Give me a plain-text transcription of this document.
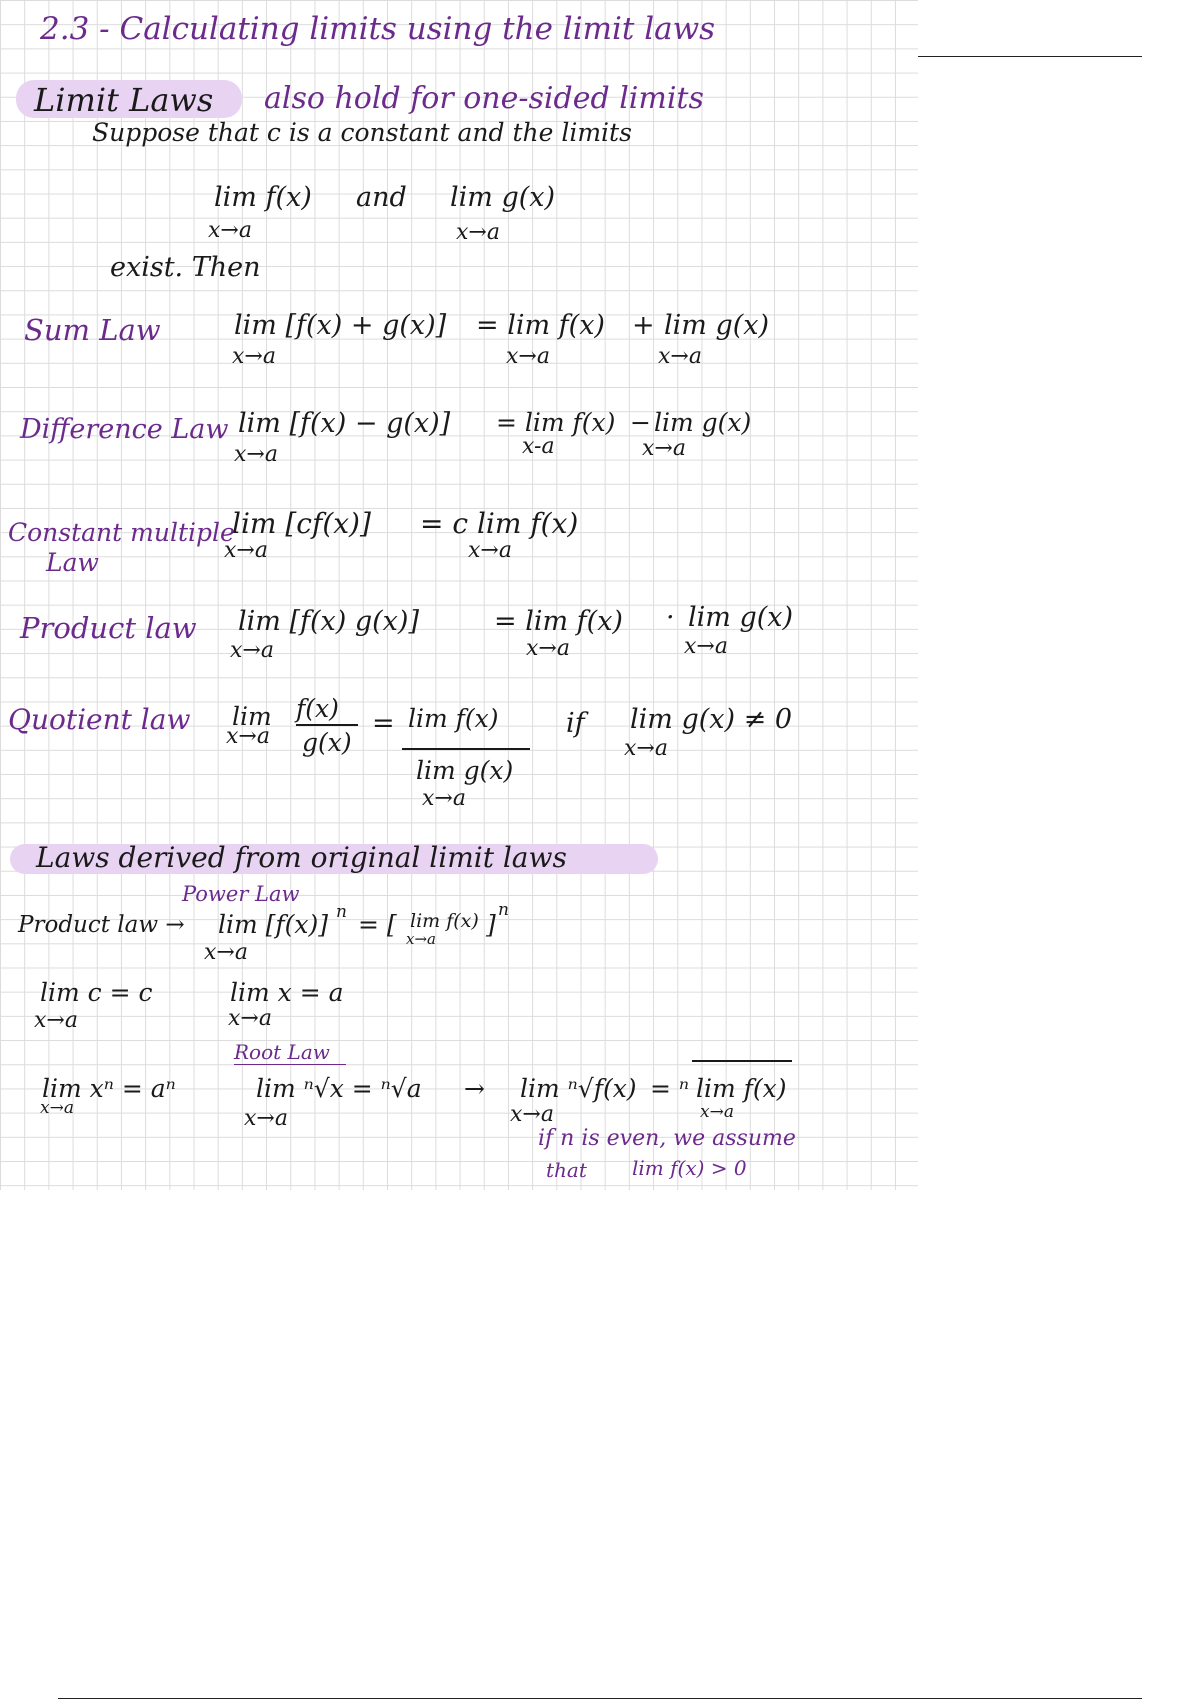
2.3 - Calculating limits using the limit laws
Limit Laws also hold for one-sided limits
Suppose that c is a constant and the limits
lim f(x)
x→a
and lim g(x)
x→a
exist. Then
Sum Law	lim [f(x) + g(x)]
x→a
= lim f(x)
x→a
+ lim g(x)
x→a
Difference Law lim [f(x) − g(x)]
x→a
= lim f(x)
x-a
− lim g(x)
x→a
Constant multiple
Law
lim [cf(x)]
x→a
= c lim f(x)
x→a
Product law lim [f(x) g(x)]
x→a
= lim f(x)
x→a
· lim g(x)
x→a
Quotient law lim
x→a
f(x)
g(x)
= lim f(x)
lim g(x)
x→a
if lim g(x) ≠ 0
x→a
Laws derived from original limit laws
Power Law
Product law → lim [f(x)] n
x→a
= [ lim f(x)
x→a ] n
lim c = c
x→a
lim x = a
x→a
Root Law
lim xⁿ = aⁿ
x→a
lim ⁿ√x = ⁿ√a
x→a
→ lim ⁿ√f(x)
x→a
= ⁿ lim f(x)
x→a
if n is even, we assume
that lim f(x) > 0
